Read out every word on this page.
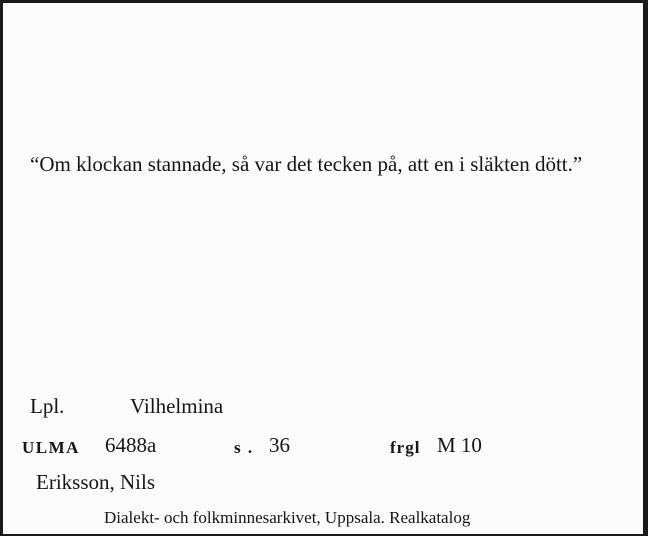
“Om klockan stannade, så var det tecken på, att en i släkten dött.”
Lpl.	Vilhelmina
ULMA 6488a	s . 36	frgl M 10
Eriksson, Nils
Dialekt- och folkminnesarkivet, Uppsala. Realkatalog
